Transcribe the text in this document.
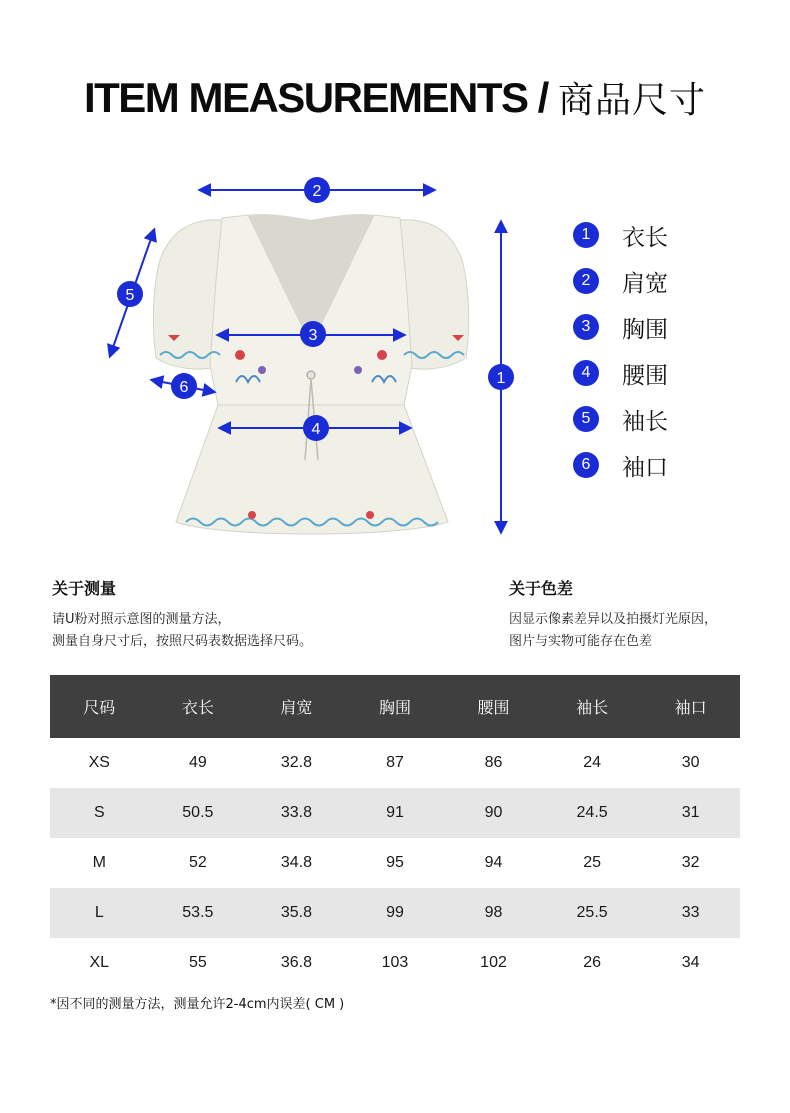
ITEM MEASUREMENTS / 商品尺寸
2
3
4
1
5
6
1	衣长
2	肩宽
3	胸围
4	腰围
5	袖长
6	袖口
关于测量

请U粉对照示意图的测量方法，

测量自身尺寸后，按照尺码表数据选择尺码。

关于色差

因显示像素差异以及拍摄灯光原因，

图片与实物可能存在色差

尺码	衣长	肩宽	胸围	腰围	袖长	袖口
XS	49	32.8	87	86	24	30
S	50.5	33.8	91	90	24.5	31
M	52	34.8	95	94	25	32
L	53.5	35.8	99	98	25.5	33
XL	55	36.8	103	102	26	34
*因不同的测量方法，测量允许2-4cm内误差( CM )
